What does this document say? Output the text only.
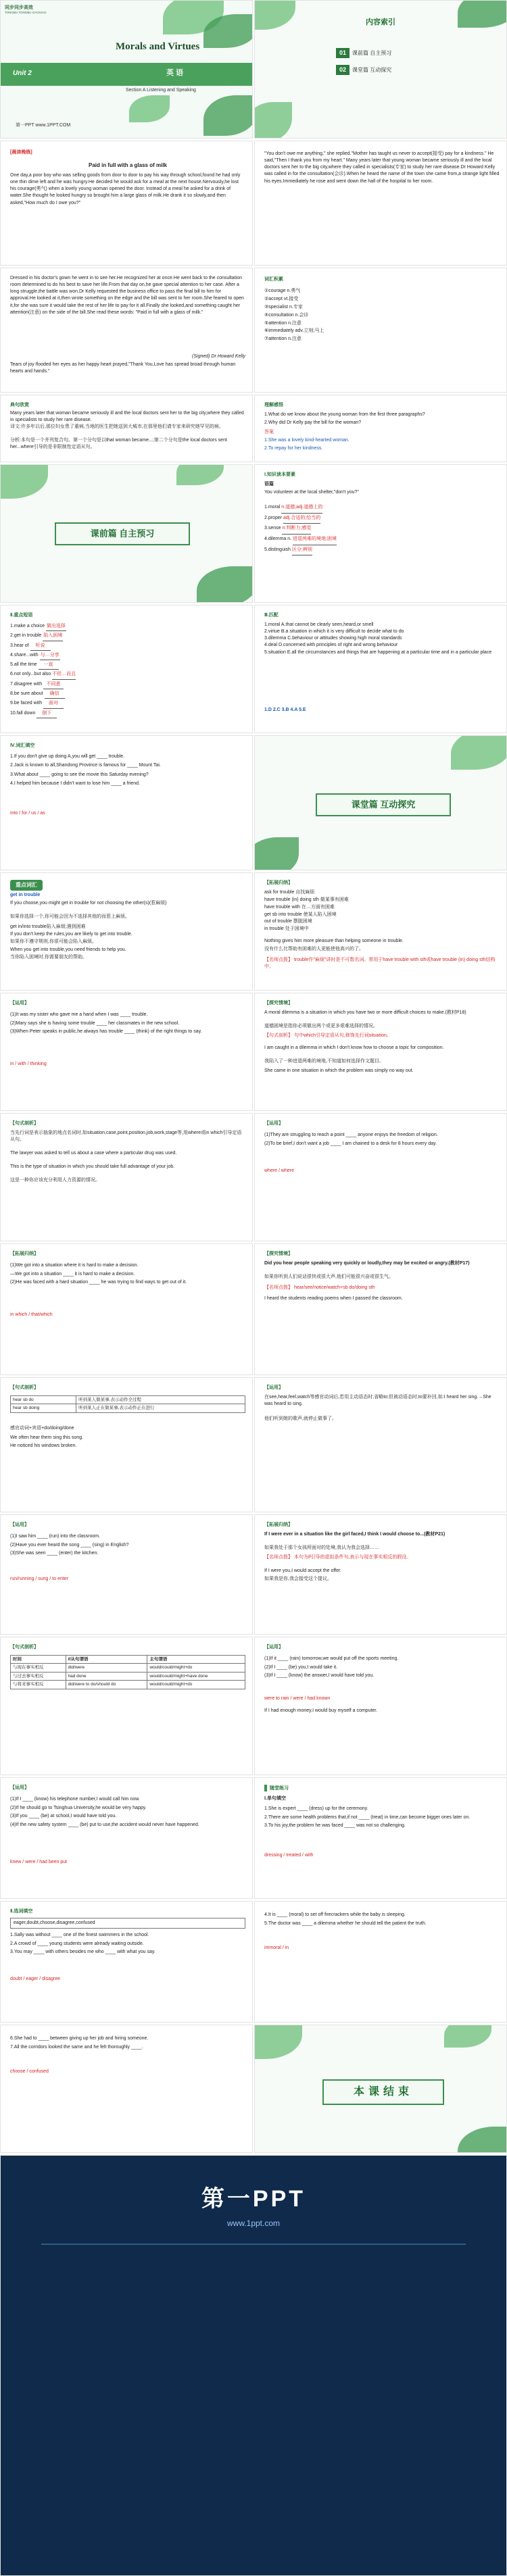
同步同步高效
TONGBU TONGBU GAOXIAO
Unit 2
Morals and Virtues
英 语
Section A Listening and Speaking
第一PPT www.1PPT.COM
内容索引
01 课前篇 自主预习
02 课堂篇 互动探究
[晨读晚练]
Paid in full with a glass of milk
One day,a poor boy who was selling goods from door to door to pay his way through school,found he had only one thin dime left and he was hungry.He decided he would ask for a meal at the next house.Nervously,he lost his courage(勇气) when a lovely young woman opened the door. Instead of a meal he asked for a drink of water.She thought he looked hungry so brought him a large glass of milk.He drank it so slowly,and then asked,"How much do I owe you?"
"You don't owe me anything," she replied."Mother has taught us never to accept(接受) pay for a kindness." He said,"Then I thank you from my heart." Many years later that young woman became seriously ill and the local doctors sent her to the big city,where they called in specialists(专家) to study her rare disease.Dr Howard Kelly was called in for the consultation(会诊).When he heard the name of the town she came from,a strange light filled his eyes.Immediately he rose and went down the hall of the hospital to her room.
Dressed in his doctor's gown he went in to see her.He recognized her at once.He went back to the consultation room determined to do his best to save her life.From that day on,he gave special attention to her case. After a long struggle,the battle was won.Dr Kelly requested the business office to pass the final bill to him for approval.He looked at it,then wrote something on the edge and the bill was sent to her room.She feared to open it,for she was sure it would take the rest of her life to pay for it all.Finally she looked,and something caught her attention(注意) on the side of the bill.She read these words: "Paid in full with a glass of milk."
(Signed) Dr Howard Kelly
Tears of joy flooded her eyes as her happy heart prayed,"Thank You,Love has spread broad through human hearts and hands."
词汇积累
①courage n.勇气
②accept vt.接受
③specialist n.专家
④consultation n.会诊
⑤attention n.注意
⑥immediately adv.立刻;马上
⑦attention n.注意
典句欣赏
Many years later that woman became seriously ill and the local doctors sent her to the big city,where they called in specialists to study her rare disease.
译文:许多年以后,那位妇女患了重病,当地的医生把她送到大城市,在那里他们请专家来研究她罕见的病。
分析:本句是一个并列复合句。第一个分句是以that woman became...;第二个分句是the local doctors sent her...where引导的是非限制性定语从句。
理解感悟
1.What do we know about the young woman from the first three paragraphs?
2.Why did Dr Kelly pay the bill for the woman?
答案
1.She was a lovely kind-hearted woman.
2.To repay for her kindness.
课前篇 自主预习
Ⅰ.知识读本要素
语篇
You volunteer at the local shelter,"don't you?"
1.moral n.道德;adj.道德上的
2.proper adj.合适的;恰当的
3.sense n.判断力;感觉
4.dilemma n. 进退两难的境地;困境
5.distinguish 区分;辨别
Ⅱ.重点短语
1.make a choice 做出选择
2.get in trouble 陷入困境
3.hear of 听说
4.share...with 与…分享
5.all the time 一直
6.not only...but also 不但…而且
7.disagree with 不同意
8.be sure about 确信
9.be faced with 面对
10.fall down 倒下
Ⅲ.匹配
1.moral A.that cannot be clearly seen,heard,or smell
2.virtue B.a situation in which it is very difficult to decide what to do
3.dilemma C.behaviour or attitudes showing high moral standards
4.deal D.concerned with principles of right and wrong behaviour
5.situation E.all the circumstances and things that are happening at a particular time and in a particular place
1.D 2.C 3.B 4.A 5.E
Ⅳ.词汇填空
1.If you don't give up doing A,you will get ____ trouble.
2.Jack is known to all,Shandong Province is famous for ____ Mount Tai.
3.What about ____ going to see the movie this Saturday evening?
4.I helped him because I didn't want to lose him ____ a friend.
into / for / us / as
课堂篇 互动探究
重点词汇
get in trouble
If you choose,you might get in trouble for not choosing the other(s)(惹麻烦)
如果你选择一个,你可能会因为不选择其他的而惹上麻烦。
get in/into trouble陷入麻烦;遇到困难
If you don't keep the rules,you are likely to get into trouble.
如果你不遵守规则,你很可能会陷入麻烦。
When you get into trouble,you need friends to help you.
当你陷入困境时,你需要朋友的帮助。
【拓展归纳】
ask for trouble 自找麻烦
have trouble (in) doing sth 做某事有困难
have trouble with 在…方面有困难
get sb into trouble 使某人陷入困境
out of trouble 摆脱困境
in trouble 处于困境中
Nothing gives him more pleasure than helping someone in trouble.
没有什么比帮助有困难的人更能使他高兴的了。
【名师点拨】 trouble作"麻烦"讲时是不可数名词。常用于have trouble with sth或have trouble (in) doing sth结构中。
【运用】
(1)It was my sister who gave me a hand when I was ____ trouble.
(2)Mary says she is having some trouble ____ her classmates in the new school.
(3)When Peter speaks in public,he always has trouble ____ (think) of the right things to say.
in / with / thinking
【探究情境】
A moral dilemma is a situation in which you have two or more difficult choices to make.(教材P18)
道德困境是指你必须做出两个或更多艰难选择的情况。
【句式剖析】 句中which引导定语从句,修饰先行词situation。
I am caught in a dilemma in which I don't know how to choose a topic for composition.
我陷入了一种进退两难的境地,不知道如何选择作文题目。
She came in one situation in which the problem was simply no way out.
【句式剖析】
当先行词是表示抽象的地点名词时,如situation,case,point,position,job,work,stage等,用where或in which引导定语从句。
The lawyer was asked to tell us about a case where a particular drug was used.
This is the type of situation in which you should take full advantage of your job.
这是一种你应该充分利用人力资源的情况。
【运用】
(1)They are struggling to reach a point ____ anyone enjoys the freedom of religion.
(2)To be brief,I don't want a job ____ I am chained to a desk for 8 hours every day.
where / where
【拓展归纳】
(1)We got into a situation where it is hard to make a decision.
—We got into a situation ____ it is hard to make a decision.
(2)He was faced with a hard situation ____ he was trying to find ways to get out of it.
in which / that/which
【探究情境】
Did you hear people speaking very quickly or loudly,they may be excited or angry.(教材P17)
如果你听到人们说话很快或很大声,他们可能很兴奋或很生气。
【名师点拨】 hear/see/notice/watch+sb do/doing sth
I heard the students reading poems when I passed the classroom.
【句式剖析】
hear sb do	听到某人做某事,表示动作全过程
hear sb doing	听到某人正在做某事,表示动作正在进行
感官动词+宾语+do/doing/done
We often hear them sing this song.
He noticed his windows broken.
【运用】
在see,hear,feel,watch等感官动词后,若用主动语态时,省略to;但被动语态时,to要补回,如:I heard her sing.→She was heard to sing.
他们听到她的歌声,就停止做事了。
【运用】
(1)I saw him ____ (run) into the classroom.
(2)Have you ever heard the song ____ (sing) in English?
(3)She was seen ____ (enter) the kitchen.
run/running / sung / to enter
【拓展归纳】
If I were ever in a situation like the girl faced,I think I would choose to...(教材P21)
如果我处于那个女孩所面对的处境,我认为我会选择……
【名师点拨】 本句为if引导的虚拟条件句,表示与现在事实相反的假设。
If I were you,I would accept the offer.
如果我是你,我会接受这个提议。
【句式剖析】
时间	if从句谓语	主句谓语
与现在事实相反	did/were	would/could/might+do
与过去事实相反	had done	would/could/might+have done
与将来事实相反	did/were to do/should do	would/could/might+do
【运用】
(1)If it ____ (rain) tomorrow,we would put off the sports meeting.
(2)If I ____ (be) you,I would take it.
(3)If I ____ (know) the answer,I would have told you.
were to rain / were / had known
If I had enough money,I would buy myself a computer.
【运用】
(1)If I ____ (know) his telephone number,I would call him now.
(2)If he should go to Tsinghua University,he would be very happy.
(3)If you ____ (be) at school,I would have told you.
(4)If the new safety system ____ (be) put to use,the accident would never have happened.
knew / were / had been put
随堂练习
Ⅰ.单句填空
1.She is expert ____ (dress) up for the ceremony.
2.There are some health problems that,if not ____ (treat) in time,can become bigger ones later on.
3.To his joy,the problem he was faced ____ was not so challenging.
dressing / treated / with
Ⅱ.选词填空
eager,doubt,choose,disagree,confused
1.Sally was without ____ one of the finest swimmers in the school.
2.A crowd of ____ young students were already waiting outside.
3.You may ____ with others besides me who ____ with what you say.
doubt / eager / disagree
4.It is ____ (moral) to set off firecrackers while the baby is sleeping.
5.The doctor was ____ a dilemma whether he should tell the patient the truth.
immoral / in
6.She had to ____ between giving up her job and hiring someone.
7.All the corridors looked the same and he felt thoroughly ____.
choose / confused
本课结束
第一PPT
www.1ppt.com
